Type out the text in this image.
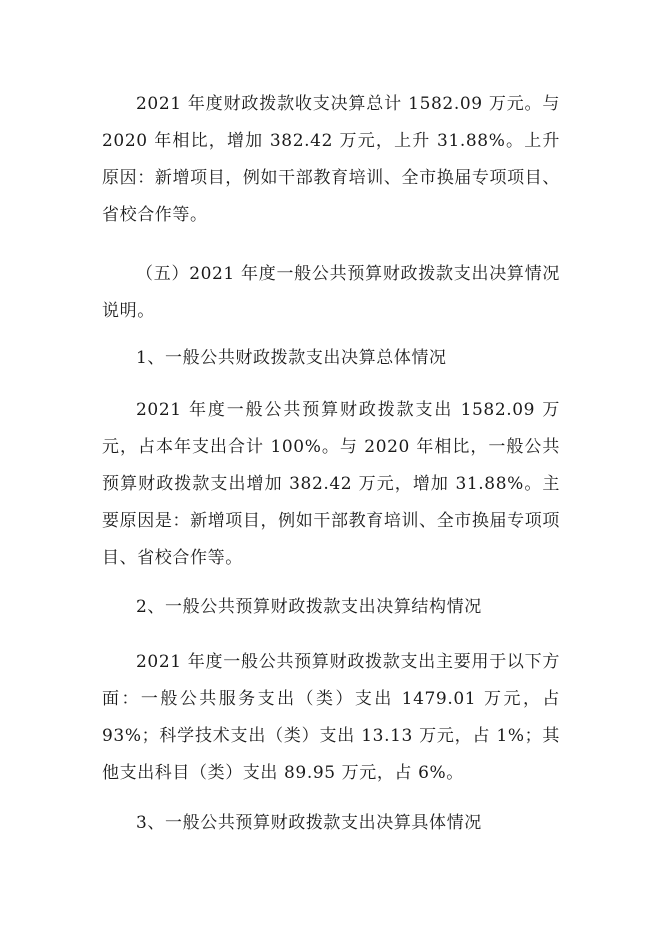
2021 年度财政拨款收支决算总计 1582.09 万元。与 2020 年相比，增加 382.42 万元，上升 31.88%。上升原因：新增项目，例如干部教育培训、全市换届专项项目、省校合作等。

（五）2021 年度一般公共预算财政拨款支出决算情况说明。

1、一般公共财政拨款支出决算总体情况

2021 年度一般公共预算财政拨款支出 1582.09 万元，占本年支出合计 100%。与 2020 年相比，一般公共预算财政拨款支出增加 382.42 万元，增加 31.88%。主要原因是：新增项目，例如干部教育培训、全市换届专项项目、省校合作等。

2、一般公共预算财政拨款支出决算结构情况

2021 年度一般公共预算财政拨款支出主要用于以下方面：一般公共服务支出（类）支出 1479.01 万元，占 93%；科学技术支出（类）支出 13.13 万元，占 1%；其他支出科目（类）支出 89.95 万元，占 6%。

3、一般公共预算财政拨款支出决算具体情况
